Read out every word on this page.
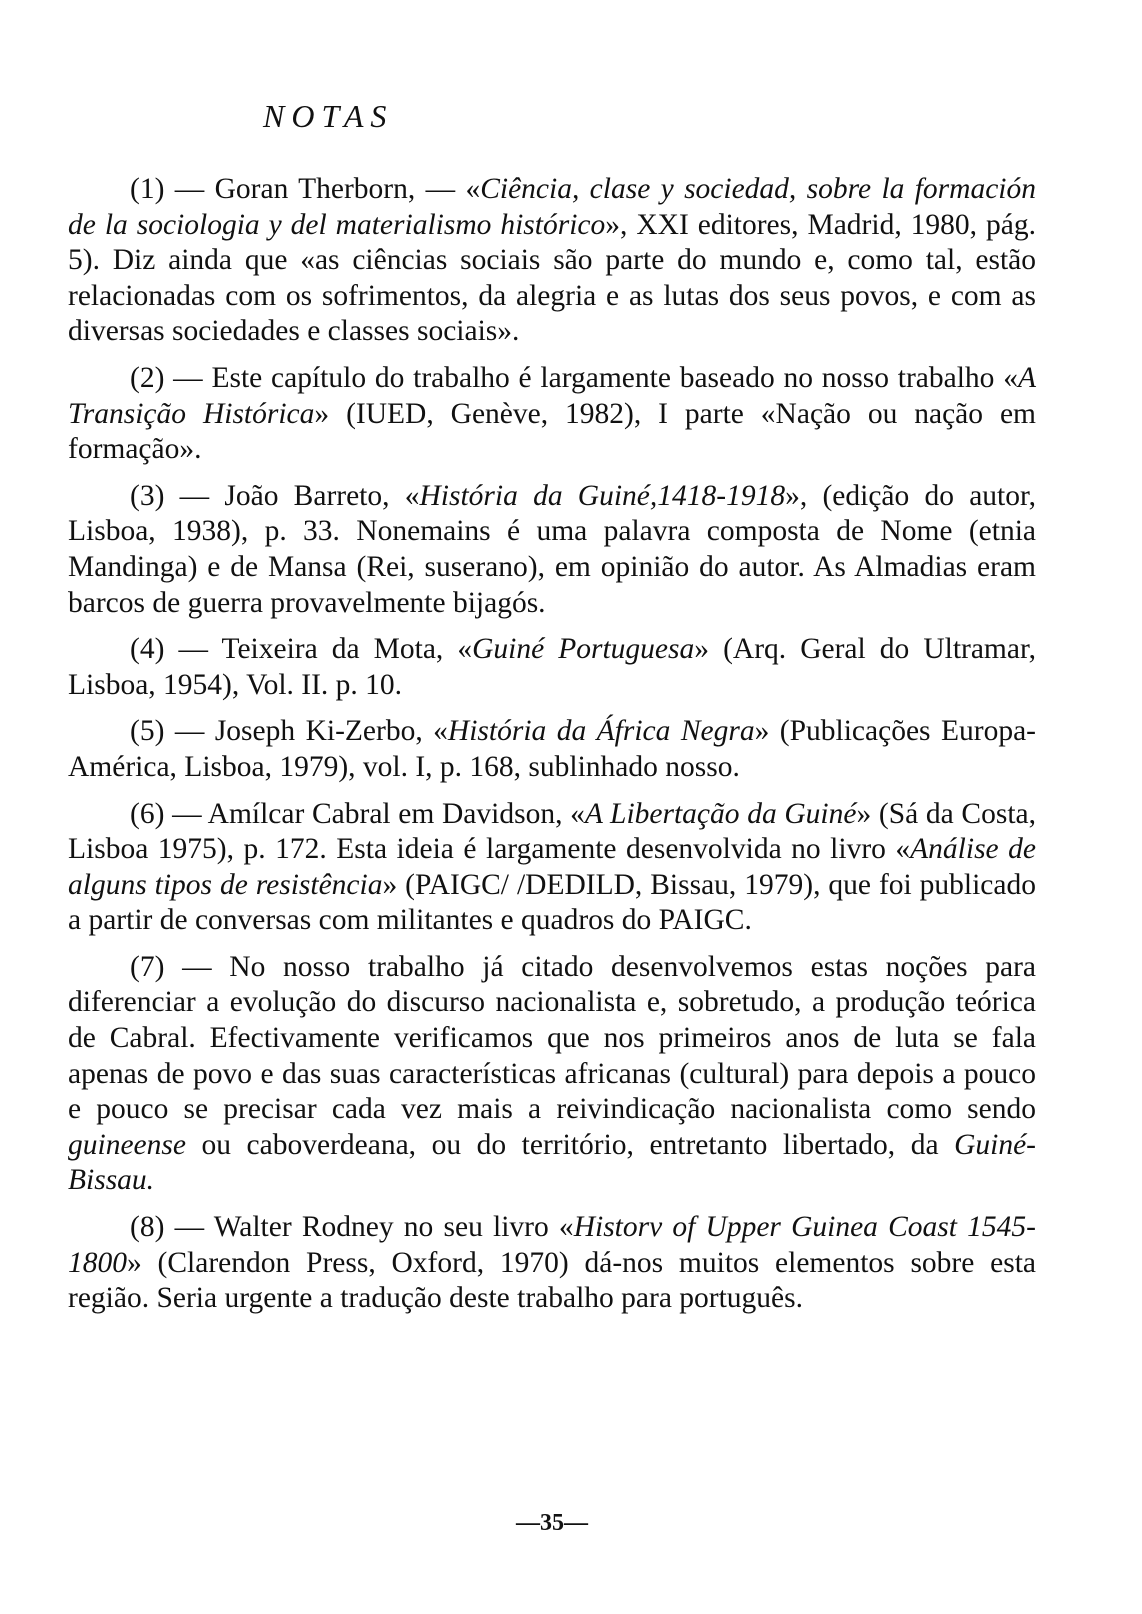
NOTAS

(1) — Goran Therborn, — «Ciência, clase y sociedad, sobre la formación de la sociologia y del materialismo histórico», XXI editores, Madrid, 1980, pág. 5). Diz ainda que «as ciências sociais são parte do mundo e, como tal, estão relacionadas com os sofrimentos, da alegria e as lutas dos seus povos, e com as diversas sociedades e classes sociais».

(2) — Este capítulo do trabalho é largamente baseado no nosso trabalho «A Transição Histórica» (IUED, Genève, 1982), I parte «Nação ou nação em formação».

(3) — João Barreto, «História da Guiné,1418-1918», (edição do autor, Lisboa, 1938), p. 33. Nonemains é uma palavra composta de Nome (etnia Mandinga) e de Mansa (Rei, suserano), em opinião do autor. As Almadias eram barcos de guerra provavelmente bijagós.

(4) — Teixeira da Mota, «Guiné Portuguesa» (Arq. Geral do Ultramar, Lisboa, 1954), Vol. II. p. 10.

(5) — Joseph Ki-Zerbo, «História da África Negra» (Publicações Europa-América, Lisboa, 1979), vol. I, p. 168, sublinhado nosso.

(6) — Amílcar Cabral em Davidson, «A Libertação da Guiné» (Sá da Costa, Lisboa 1975), p. 172. Esta ideia é largamente desenvolvida no livro «Análise de alguns tipos de resistência» (PAIGC/ /DEDILD, Bissau, 1979), que foi publicado a partir de conversas com militantes e quadros do PAIGC.

(7) — No nosso trabalho já citado desenvolvemos estas noções para diferenciar a evolução do discurso nacionalista e, sobretudo, a produção teórica de Cabral. Efectivamente verificamos que nos primeiros anos de luta se fala apenas de povo e das suas características africanas (cultural) para depois a pouco e pouco se precisar cada vez mais a reivindicação nacionalista como sendo guineense ou caboverdeana, ou do território, entretanto libertado, da Guiné-Bissau.

(8) — Walter Rodney no seu livro «Historv of Upper Guinea Coast 1545-1800» (Clarendon Press, Oxford, 1970) dá-nos muitos elementos sobre esta região. Seria urgente a tradução deste trabalho para português.

—35—
